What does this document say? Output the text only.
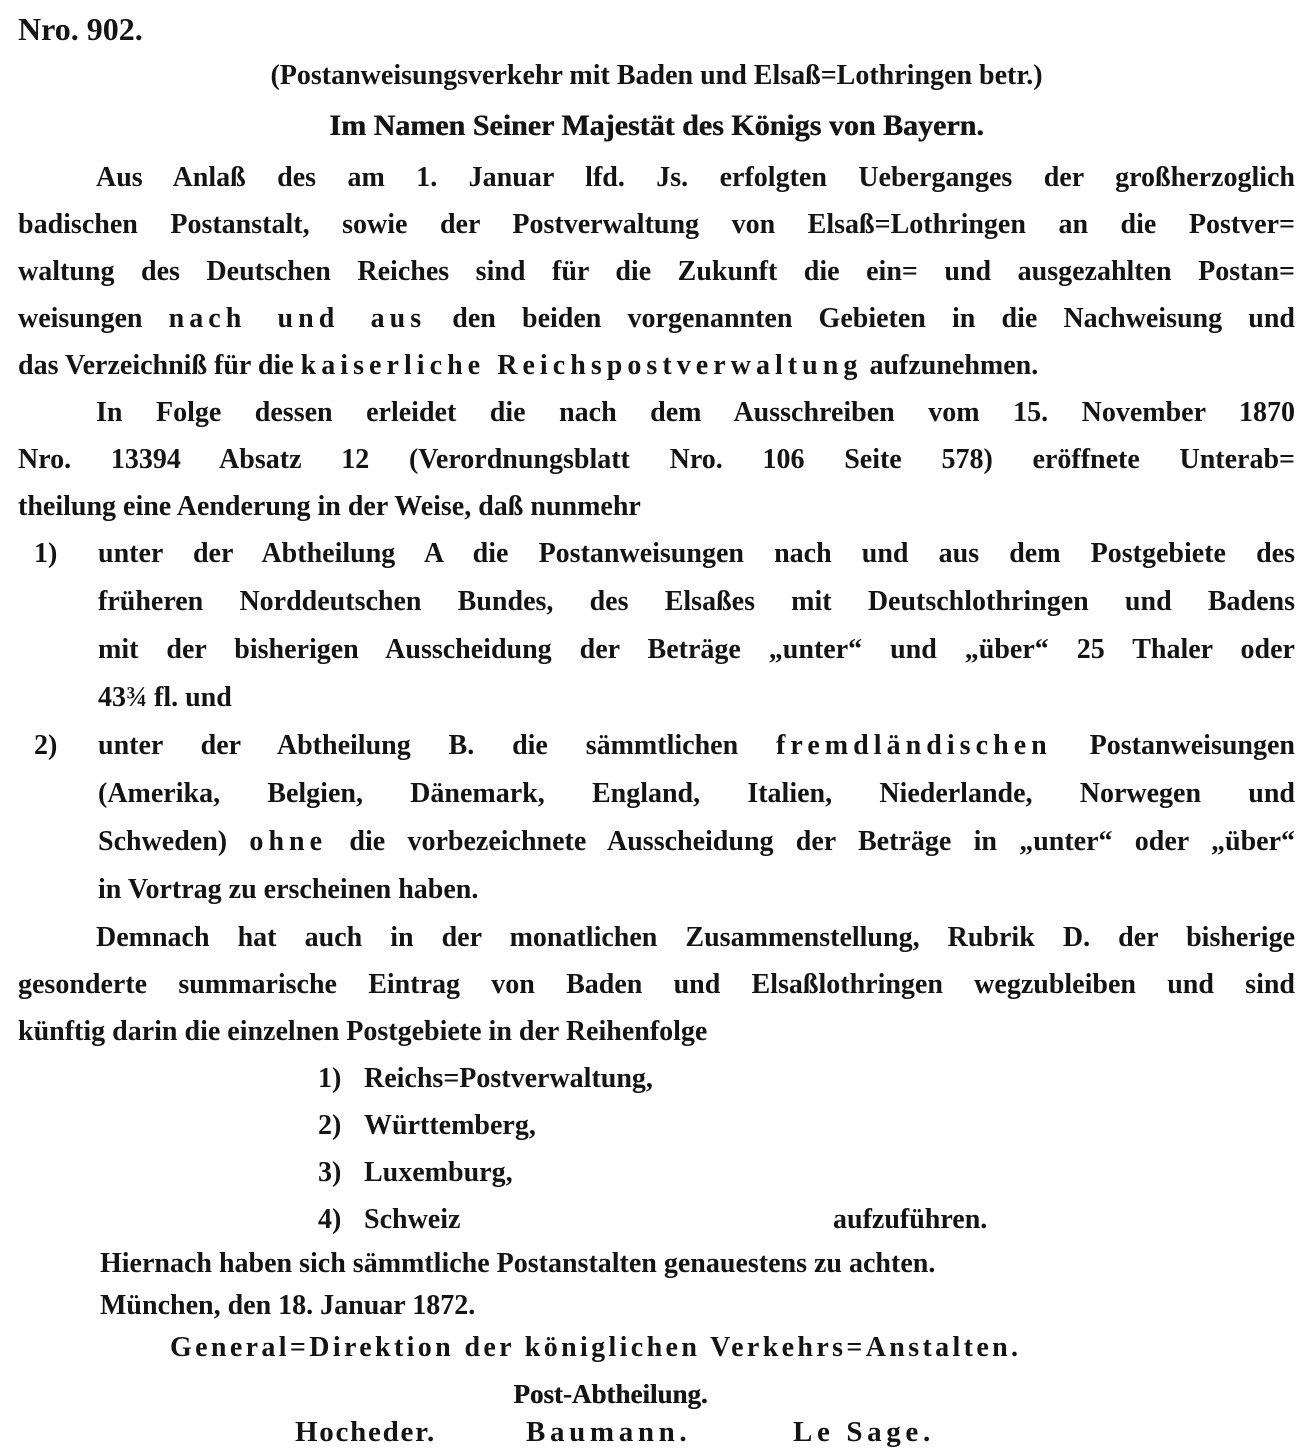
Nro. 902.
(Postanweisungsverkehr mit Baden und Elsaß=Lothringen betr.)
Im Namen Seiner Majestät des Königs von Bayern.
Aus Anlaß des am 1. Januar lfd. Js. erfolgten Ueberganges der großherzoglich
badischen Postanstalt, sowie der Postverwaltung von Elsaß=Lothringen an die Postver=
waltung des Deutschen Reiches sind für die Zukunft die ein= und ausgezahlten Postan=
weisungen nach und aus den beiden vorgenannten Gebieten in die Nachweisung und
das Verzeichniß für die kaiserliche Reichspostverwaltung aufzunehmen.
In Folge dessen erleidet die nach dem Ausschreiben vom 15. November 1870
Nro. 13394 Absatz 12 (Verordnungsblatt Nro. 106 Seite 578) eröffnete Unterab=
theilung eine Aenderung in der Weise, daß nunmehr
1) unter der Abtheilung A die Postanweisungen nach und aus dem Postgebiete des
früheren Norddeutschen Bundes, des Elsaßes mit Deutschlothringen und Badens
mit der bisherigen Ausscheidung der Beträge „unter“ und „über“ 25 Thaler oder
43¾ fl. und
2) unter der Abtheilung B. die sämmtlichen fremdländischen Postanweisungen
(Amerika, Belgien, Dänemark, England, Italien, Niederlande, Norwegen und
Schweden) ohne die vorbezeichnete Ausscheidung der Beträge in „unter“ oder „über“
in Vortrag zu erscheinen haben.
Demnach hat auch in der monatlichen Zusammenstellung, Rubrik D. der bisherige
gesonderte summarische Eintrag von Baden und Elsaßlothringen wegzubleiben und sind
künftig darin die einzelnen Postgebiete in der Reihenfolge
1) Reichs=Postverwaltung,
2) Württemberg,
3) Luxemburg,
4) Schweiz	aufzuführen.
Hiernach haben sich sämmtliche Postanstalten genauestens zu achten.
München, den 18. Januar 1872.
General=Direktion der königlichen Verkehrs=Anstalten.
Post-Abtheilung.
Hocheder.	Baumann.	Le Sage.
